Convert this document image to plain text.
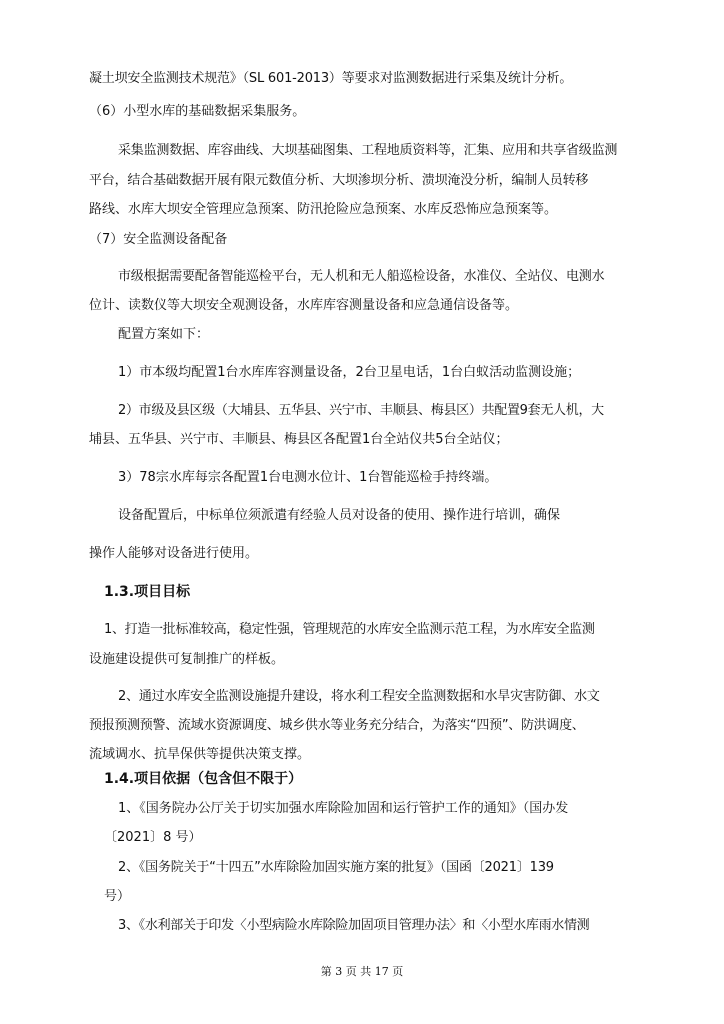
凝土坝安全监测技术规范》（SL 601-2013）等要求对监测数据进行采集及统计分析。
（6）小型水库的基础数据采集服务。
采集监测数据、库容曲线、大坝基础图集、工程地质资料等，汇集、应用和共享省级监测
平台，结合基础数据开展有限元数值分析、大坝渗坝分析、溃坝淹没分析，编制人员转移
路线、水库大坝安全管理应急预案、防汛抢险应急预案、水库反恐怖应急预案等。
（7）安全监测设备配备
市级根据需要配备智能巡检平台，无人机和无人船巡检设备，水准仪、全站仪、电测水
位计、读数仪等大坝安全观测设备，水库库容测量设备和应急通信设备等。
配置方案如下：
1）市本级均配置1台水库库容测量设备，2台卫星电话，1台白蚁活动监测设施；
2）市级及县区级（大埔县、五华县、兴宁市、丰顺县、梅县区）共配置9套无人机，大
埔县、五华县、兴宁市、丰顺县、梅县区各配置1台全站仪共5台全站仪；
3）78宗水库每宗各配置1台电测水位计、1台智能巡检手持终端。
设备配置后，中标单位须派遣有经验人员对设备的使用、操作进行培训，确保
操作人能够对设备进行使用。
1.3.项目目标
1、打造一批标准较高，稳定性强，管理规范的水库安全监测示范工程，为水库安全监测
设施建设提供可复制推广的样板。
2、通过水库安全监测设施提升建设，将水利工程安全监测数据和水旱灾害防御、水文
预报预测预警、流域水资源调度、城乡供水等业务充分结合，为落实“四预”、防洪调度、
流域调水、抗旱保供等提供决策支撑。
1.4.项目依据（包含但不限于）
1、《国务院办公厅关于切实加强水库除险加固和运行管护工作的通知》（国办发
〔2021〕8 号）
2、《国务院关于“十四五”水库除险加固实施方案的批复》（国函〔2021〕139
号）
3、《水利部关于印发〈小型病险水库除险加固项目管理办法〉和〈小型水库雨水情测
第 3 页 共 17 页
